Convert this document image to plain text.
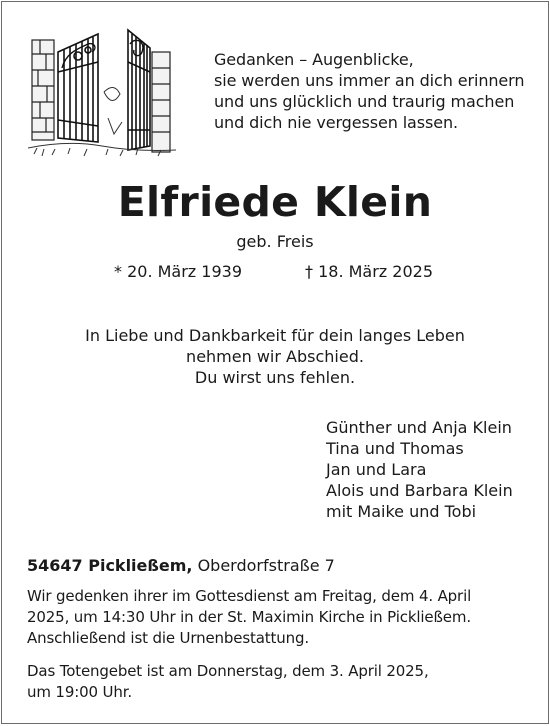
Gedanken – Augenblicke,
sie werden uns immer an dich erinnern
und uns glücklich und traurig machen
und dich nie vergessen lassen.
Elfriede Klein
geb. Freis
* 20. März 1939	† 18. März 2025
In Liebe und Dankbarkeit für dein langes Leben
nehmen wir Abschied.
Du wirst uns fehlen.
Günther und Anja Klein
Tina und Thomas
Jan und Lara
Alois und Barbara Klein
mit Maike und Tobi
54647 Pickließem, Oberdorfstraße 7
Wir gedenken ihrer im Gottesdienst am Freitag, dem 4. April
2025, um 14:30 Uhr in der St. Maximin Kirche in Pickließem.
Anschließend ist die Urnenbestattung.
Das Totengebet ist am Donnerstag, dem 3. April 2025,
um 19:00 Uhr.
